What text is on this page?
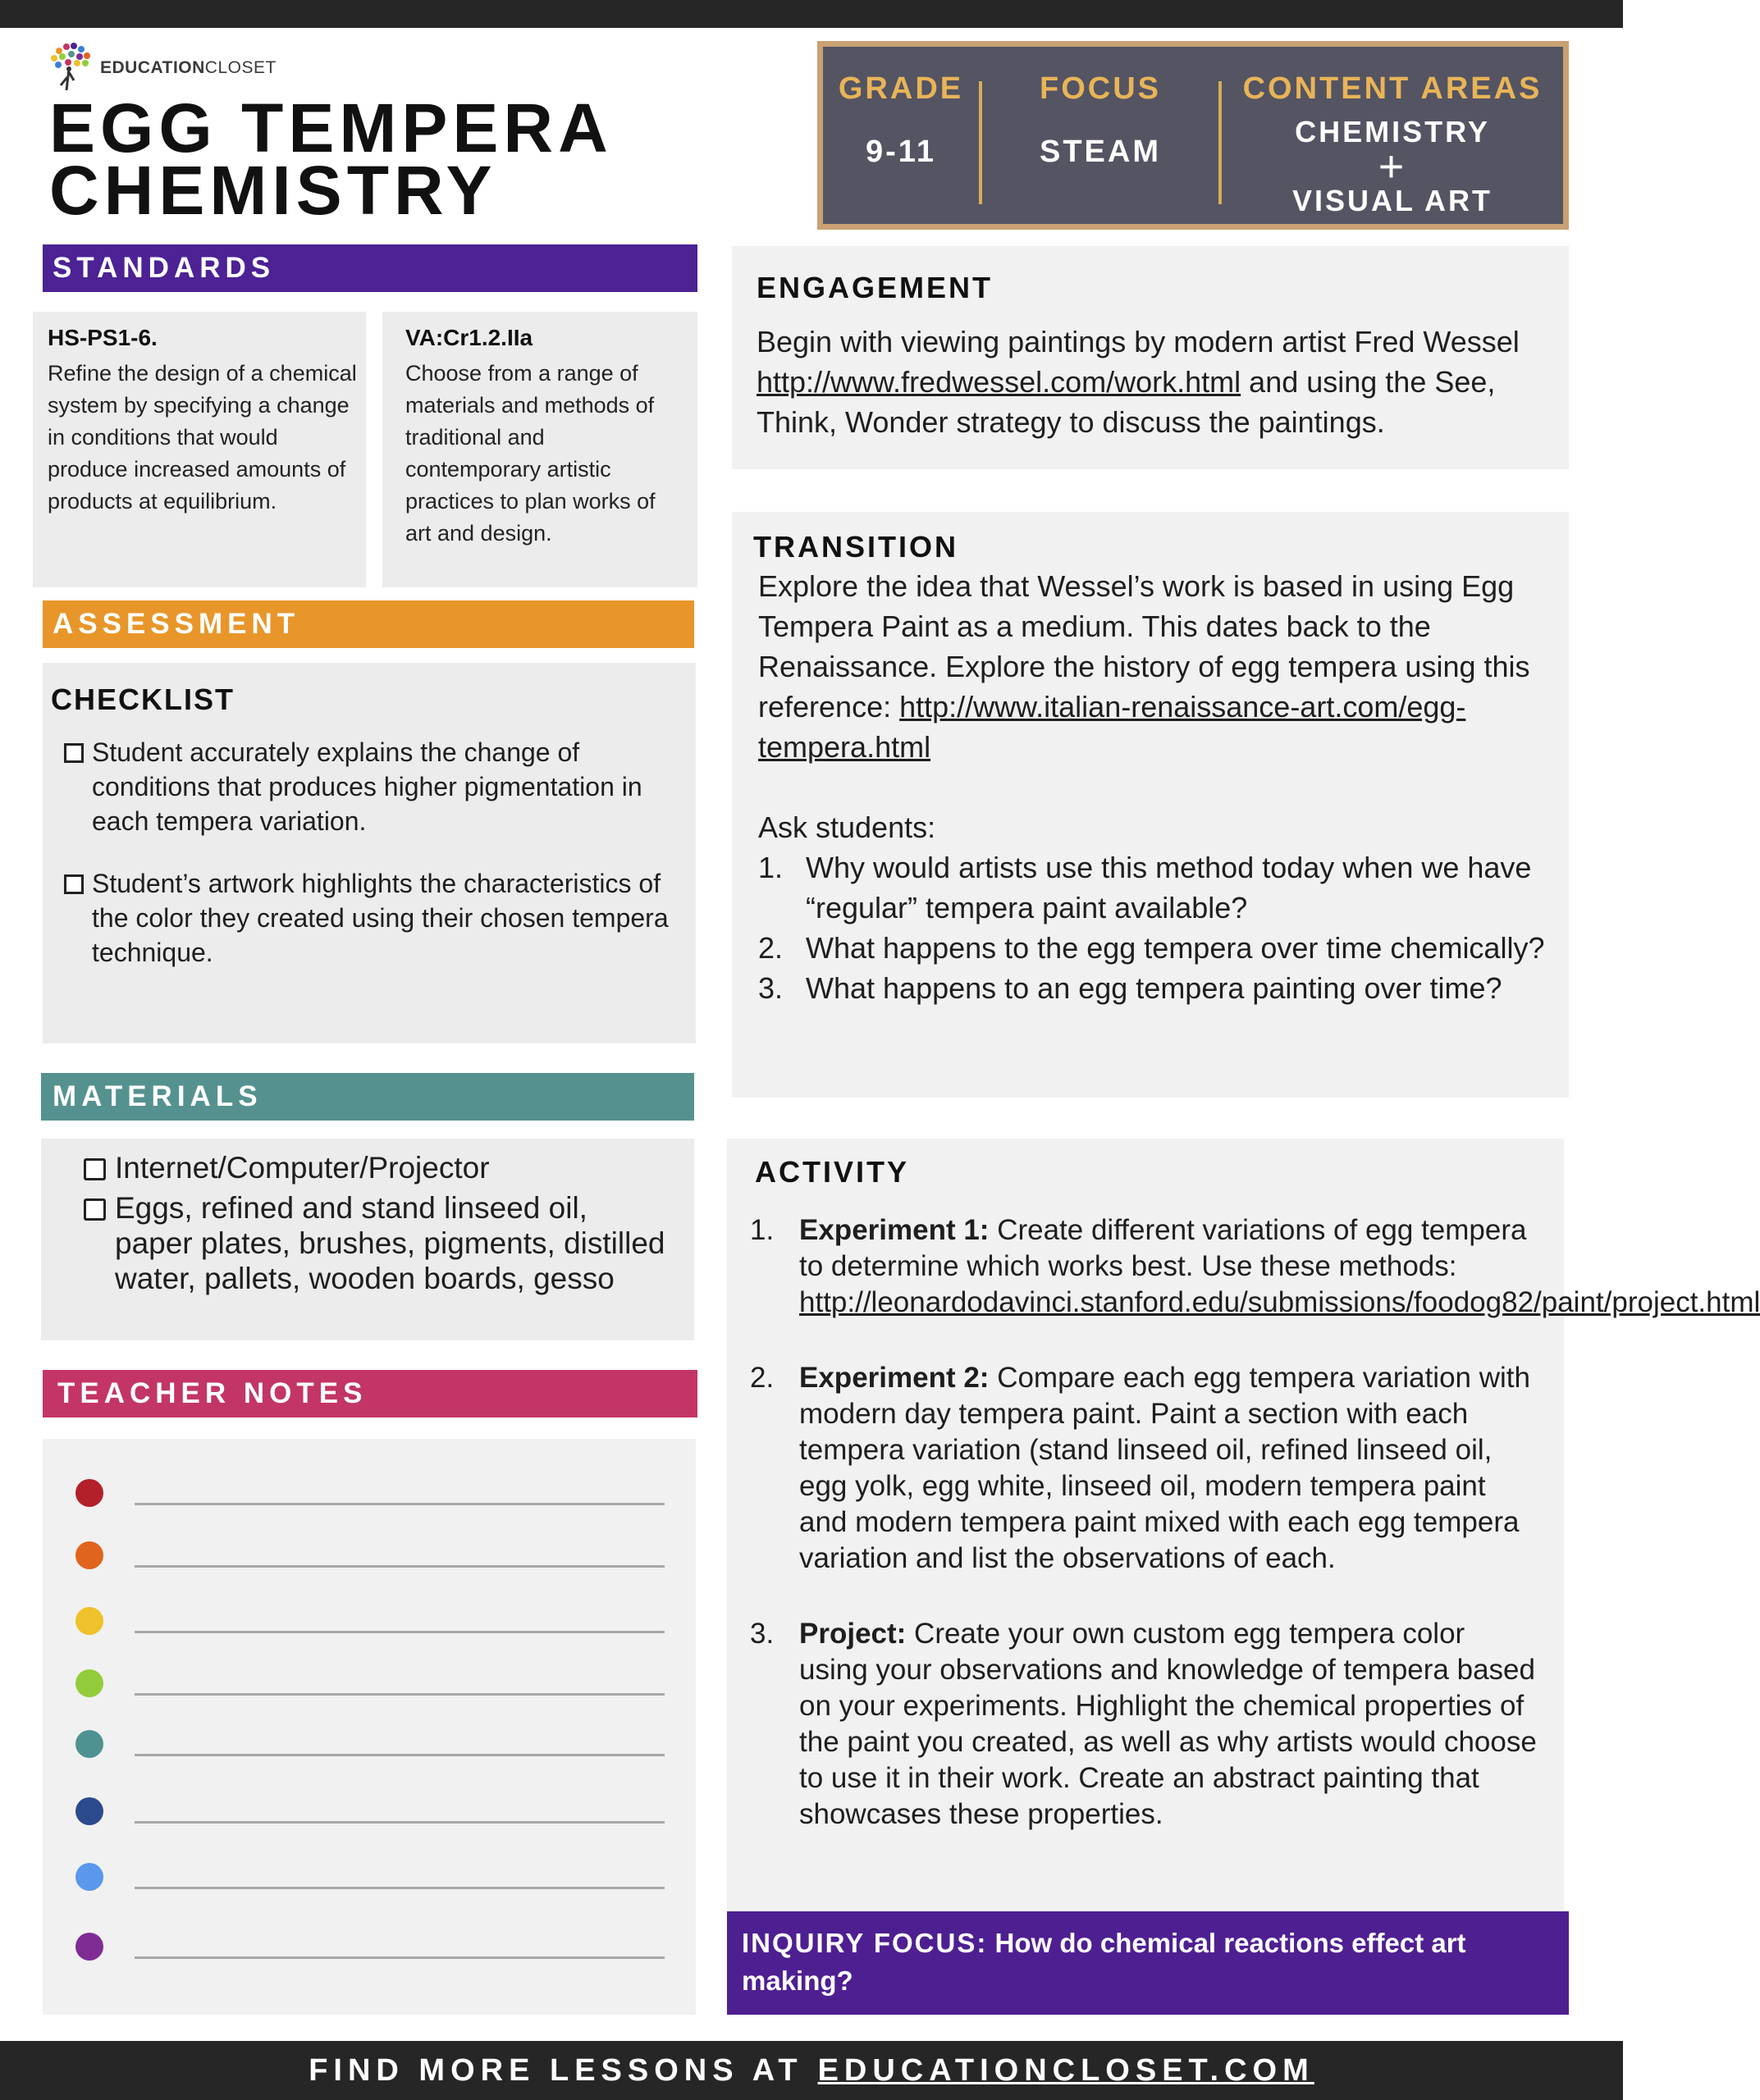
EDUCATIONCLOSET
EGG TEMPERA
CHEMISTRY
GRADE
9-11
FOCUS
STEAM
CONTENT AREAS
CHEMISTRY
+
VISUAL ART
STANDARDS
HS-PS1-6.
Refine the design of a chemical system by specifying a change in conditions that would produce increased amounts of products at equilibrium.
VA:Cr1.2.IIa
Choose from a range of materials and methods of traditional and contemporary artistic practices to plan works of art and design.
ASSESSMENT
CHECKLIST
Student accurately explains the change of conditions that produces higher pigmentation in each tempera variation.
Student’s artwork highlights the characteristics of the color they created using their chosen tempera technique.
MATERIALS
Internet/Computer/Projector
Eggs, refined and stand linseed oil, paper plates, brushes, pigments, distilled water, pallets, wooden boards, gesso
TEACHER NOTES
ENGAGEMENT
Begin with viewing paintings by modern artist Fred Wessel http://www.fredwessel.com/work.html and using the See, Think, Wonder strategy to discuss the paintings.
TRANSITION
Explore the idea that Wessel’s work is based in using Egg Tempera Paint as a medium. This dates back to the Renaissance. Explore the history of egg tempera using this reference: http://www.italian-renaissance-art.com/egg-tempera.html
Ask students:
1. Why would artists use this method today when we have “regular” tempera paint available?
2. What happens to the egg tempera over time chemically?
3. What happens to an egg tempera painting over time?
ACTIVITY
1. Experiment 1: Create different variations of egg tempera to determine which works best. Use these methods: http://leonardodavinci.stanford.edu/submissions/foodog82/paint/project.html
2. Experiment 2: Compare each egg tempera variation with modern day tempera paint. Paint a section with each tempera variation (stand linseed oil, refined linseed oil, egg yolk, egg white, linseed oil, modern tempera paint and modern tempera paint mixed with each egg tempera variation and list the observations of each.
3. Project: Create your own custom egg tempera color using your observations and knowledge of tempera based on your experiments. Highlight the chemical properties of the paint you created, as well as why artists would choose to use it in their work. Create an abstract painting that showcases these properties.
INQUIRY FOCUS: How do chemical reactions effect art making?
FIND MORE LESSONS AT EDUCATIONCLOSET.COM
